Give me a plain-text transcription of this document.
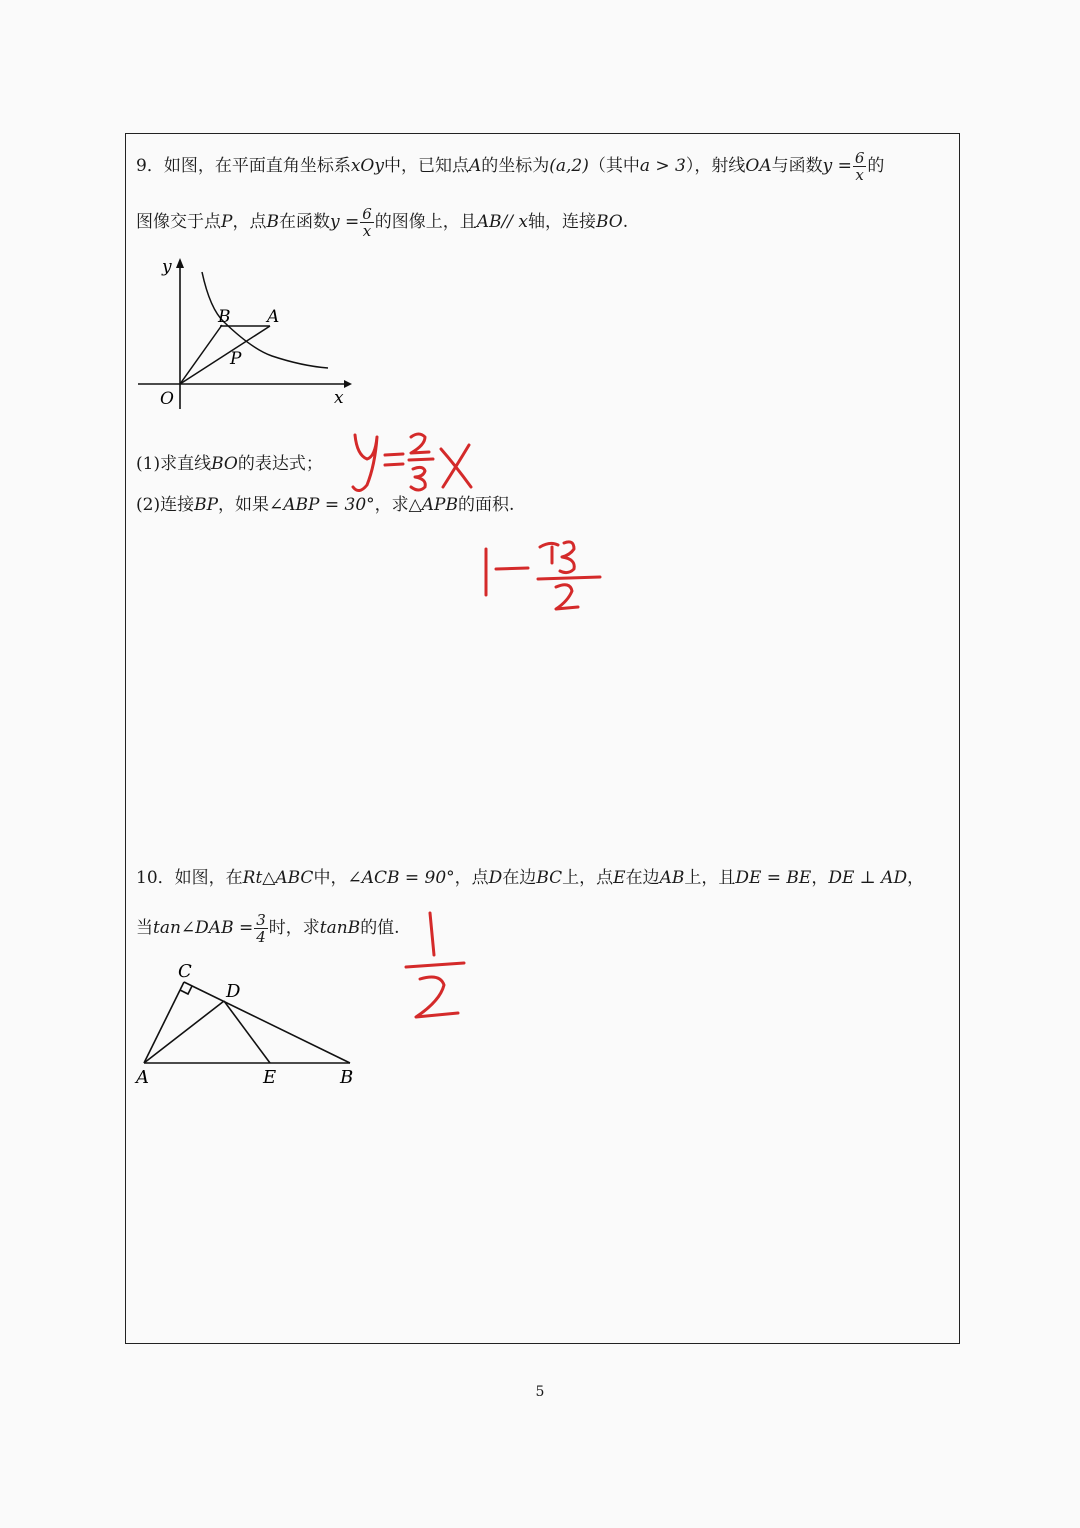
9．如图，在平面直角坐标系xOy中，已知点A的坐标为(a,2)（其中a > 3），射线OA与函数$y = \frac{6}{x}$ 的
图像交于点P，点B在函数$y = \frac{6}{x}$ 的图像上，且AB// x轴，连接BO.
y
x
O
B A
P
(1)求直线BO的表达式；
(2)连接BP，如果∠ABP = 30°，求△APB的面积.
y=2/3x
1-√3/2
10．如图，在Rt△ABC中，∠ACB = 90°，点D在边BC上，点E在边AB上，且DE = BE，DE ⊥ AD，
当tan∠DAB = $\frac{3}{4}$ 时，求tanB的值.
1/2
C
D
A	E	B
5
